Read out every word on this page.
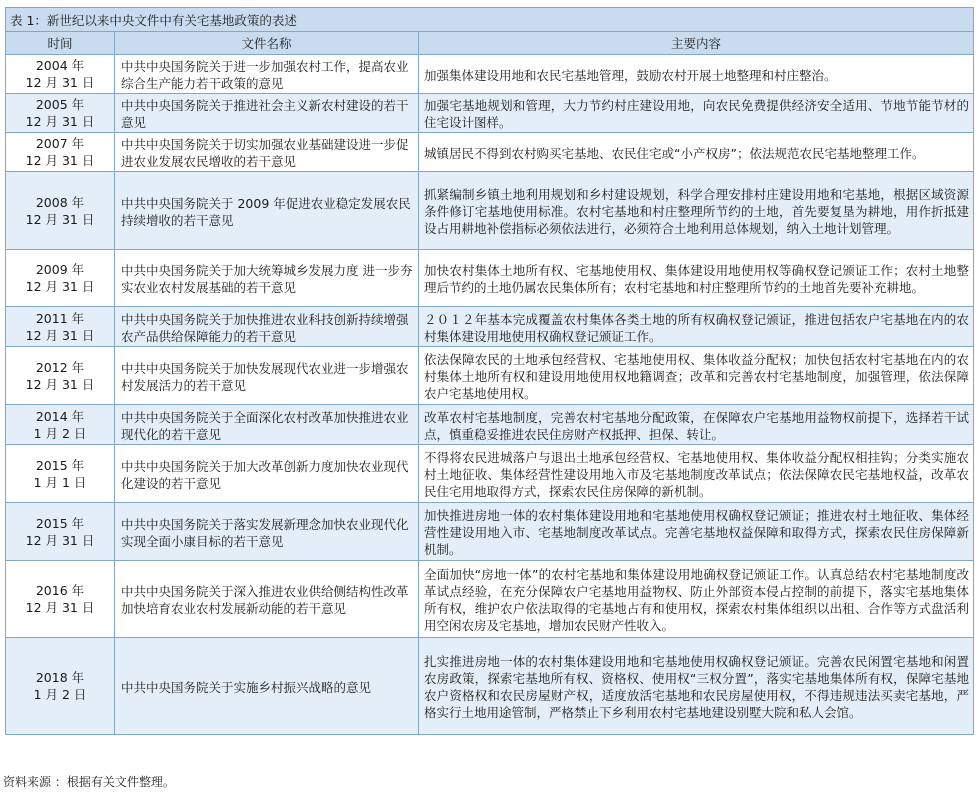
表 1：新世纪以来中央文件中有关宅基地政策的表述		
时间	文件名称	主要内容

2004 年
12 月 31 日	中共中央国务院关于进一步加强农村工作，提高农业综合生产能力若干政策的意见	加强集体建设用地和农民宅基地管理，鼓励农村开展土地整理和村庄整治。

2005 年
12 月 31 日	中共中央国务院关于推进社会主义新农村建设的若干意见	加强宅基地规划和管理，大力节约村庄建设用地，向农民免费提供经济安全适用、节地节能节材的住宅设计图样。

2007 年
12 月 31 日	中共中央国务院关于切实加强农业基础建设进一步促进农业发展农民增收的若干意见	城镇居民不得到农村购买宅基地、农民住宅或“小产权房”；依法规范农民宅基地整理工作。

2008 年
12 月 31 日	中共中央国务院关于 2009 年促进农业稳定发展农民持续增收的若干意见	抓紧编制乡镇土地利用规划和乡村建设规划，科学合理安排村庄建设用地和宅基地，根据区域资源条件修订宅基地使用标准。农村宅基地和村庄整理所节约的土地，首先要复垦为耕地，用作折抵建设占用耕地补偿指标必须依法进行，必须符合土地利用总体规划，纳入土地计划管理。

2009 年
12 月 31 日	中共中央国务院关于加大统筹城乡发展力度 进一步夯实农业农村发展基础的若干意见	加快农村集体土地所有权、宅基地使用权、集体建设用地使用权等确权登记颁证工作；农村土地整理后节约的土地仍属农民集体所有；农村宅基地和村庄整理所节约的土地首先要补充耕地。

2011 年
12 月 31 日	中共中央国务院关于加快推进农业科技创新持续增强农产品供给保障能力的若干意见	２０１２年基本完成覆盖农村集体各类土地的所有权确权登记颁证，推进包括农户宅基地在内的农村集体建设用地使用权确权登记颁证工作。

2012 年
12 月 31 日	中共中央国务院关于加快发展现代农业进一步增强农村发展活力的若干意见	依法保障农民的土地承包经营权、宅基地使用权、集体收益分配权；加快包括农村宅基地在内的农村集体土地所有权和建设用地使用权地籍调查；改革和完善农村宅基地制度，加强管理，依法保障农户宅基地使用权。

2014 年
1 月 2 日	中共中央国务院关于全面深化农村改革加快推进农业现代化的若干意见	改革农村宅基地制度，完善农村宅基地分配政策，在保障农户宅基地用益物权前提下，选择若干试点，慎重稳妥推进农民住房财产权抵押、担保、转让。

2015 年
1 月 1 日	中共中央国务院关于加大改革创新力度加快农业现代化建设的若干意见	不得将农民进城落户与退出土地承包经营权、宅基地使用权、集体收益分配权相挂钩；分类实施农村土地征收、集体经营性建设用地入市及宅基地制度改革试点；依法保障农民宅基地权益，改革农民住宅用地取得方式，探索农民住房保障的新机制。

2015 年
12 月 31 日	中共中央国务院关于落实发展新理念加快农业现代化实现全面小康目标的若干意见	加快推进房地一体的农村集体建设用地和宅基地使用权确权登记颁证；推进农村土地征收、集体经营性建设用地入市、宅基地制度改革试点。完善宅基地权益保障和取得方式，探索农民住房保障新机制。

2016 年
12 月 31 日	中共中央国务院关于深入推进农业供给侧结构性改革加快培育农业农村发展新动能的若干意见	全面加快“房地一体”的农村宅基地和集体建设用地确权登记颁证工作。认真总结农村宅基地制度改革试点经验，在充分保障农户宅基地用益物权、防止外部资本侵占控制的前提下，落实宅基地集体所有权，维护农户依法取得的宅基地占有和使用权，探索农村集体组织以出租、合作等方式盘活利用空闲农房及宅基地，增加农民财产性收入。

2018 年
1 月 2 日	中共中央国务院关于实施乡村振兴战略的意见	扎实推进房地一体的农村集体建设用地和宅基地使用权确权登记颁证。完善农民闲置宅基地和闲置农房政策，探索宅基地所有权、资格权、使用权“三权分置”，落实宅基地集体所有权，保障宅基地农户资格权和农民房屋财产权，适度放活宅基地和农民房屋使用权，不得违规违法买卖宅基地，严格实行土地用途管制，严格禁止下乡利用农村宅基地建设别墅大院和私人会馆。
资料来源 ：根据有关文件整理。
